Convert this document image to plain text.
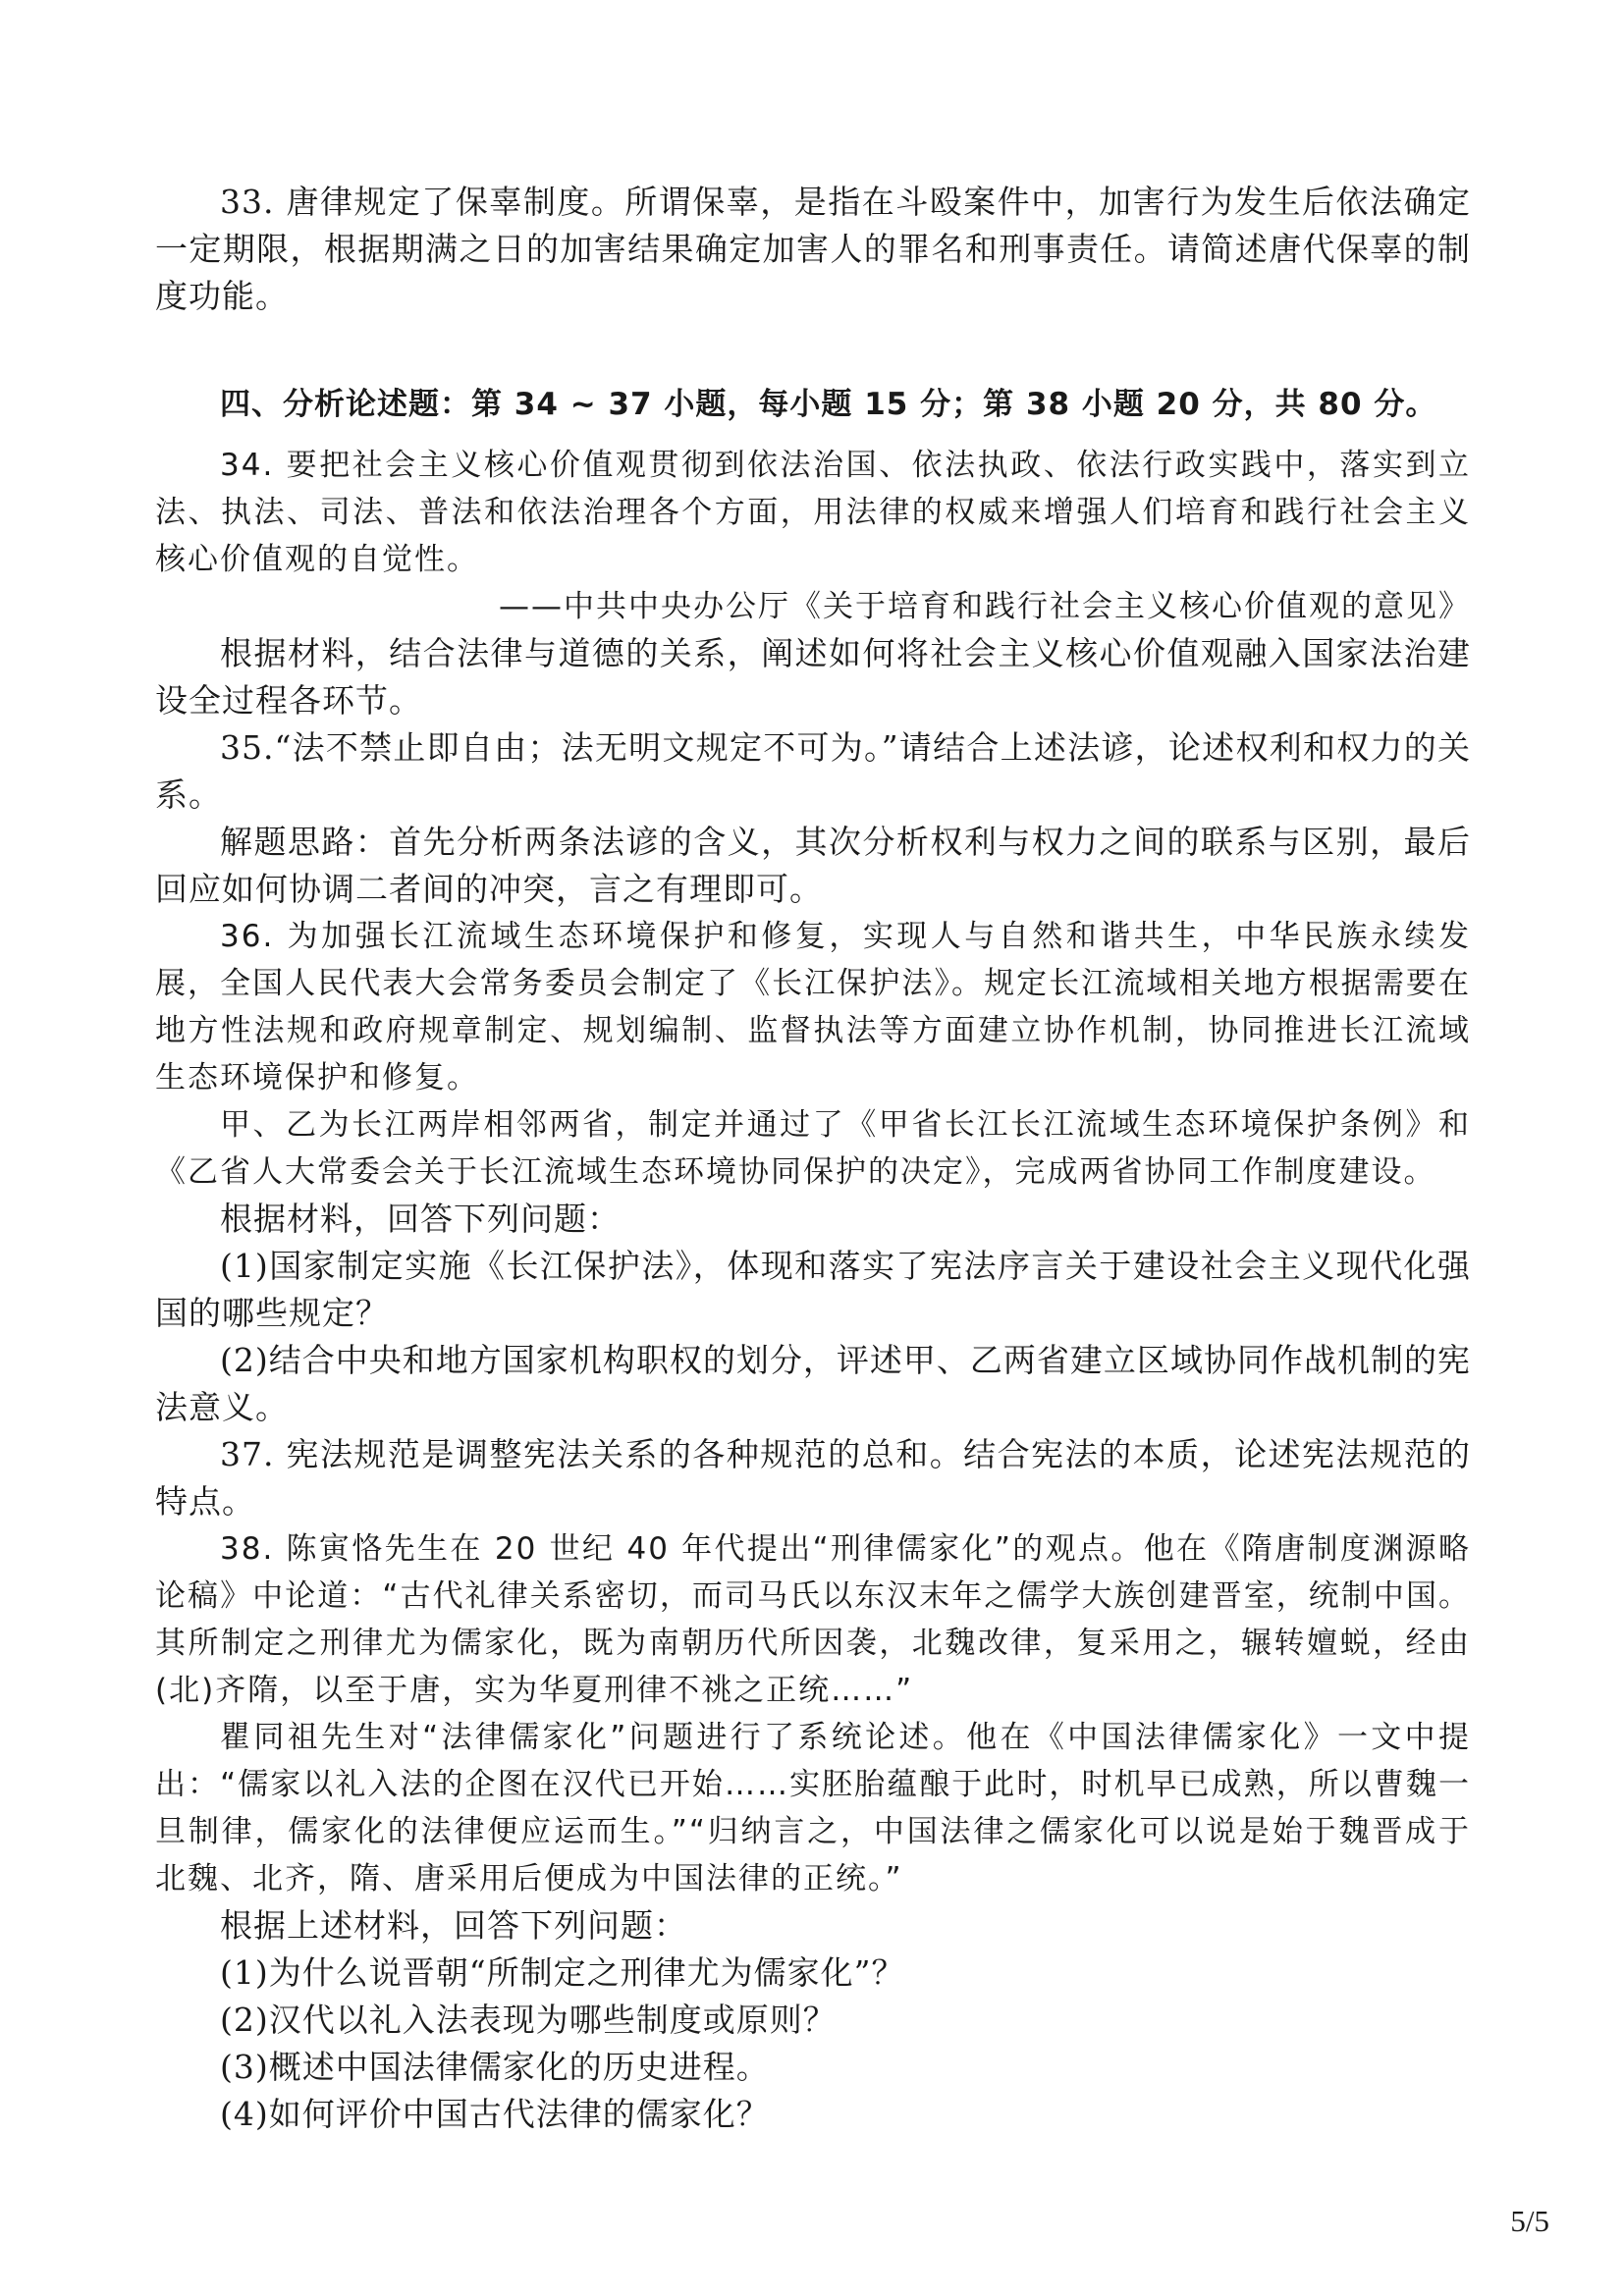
33. 唐律规定了保辜制度。所谓保辜，是指在斗殴案件中，加害行为发生后依法确定一定期限，根据期满之日的加害结果确定加害人的罪名和刑事责任。请简述唐代保辜的制度功能。

四、分析论述题：第 34 ~ 37 小题，每小题 15 分；第 38 小题 20 分，共 80 分。

34. 要把社会主义核心价值观贯彻到依法治国、依法执政、依法行政实践中，落实到立法、执法、司法、普法和依法治理各个方面，用法律的权威来增强人们培育和践行社会主义核心价值观的自觉性。

——中共中央办公厅《关于培育和践行社会主义核心价值观的意见》

根据材料，结合法律与道德的关系，阐述如何将社会主义核心价值观融入国家法治建设全过程各环节。

35.“法不禁止即自由；法无明文规定不可为。”请结合上述法谚，论述权利和权力的关系。

解题思路：首先分析两条法谚的含义，其次分析权利与权力之间的联系与区别，最后回应如何协调二者间的冲突，言之有理即可。

36. 为加强长江流域生态环境保护和修复，实现人与自然和谐共生，中华民族永续发展，全国人民代表大会常务委员会制定了《长江保护法》。规定长江流域相关地方根据需要在地方性法规和政府规章制定、规划编制、监督执法等方面建立协作机制，协同推进长江流域生态环境保护和修复。

甲、乙为长江两岸相邻两省，制定并通过了《甲省长江长江流域生态环境保护条例》和《乙省人大常委会关于长江流域生态环境协同保护的决定》，完成两省协同工作制度建设。

根据材料，回答下列问题：

(1)国家制定实施《长江保护法》，体现和落实了宪法序言关于建设社会主义现代化强国的哪些规定？

(2)结合中央和地方国家机构职权的划分，评述甲、乙两省建立区域协同作战机制的宪法意义。

37. 宪法规范是调整宪法关系的各种规范的总和。结合宪法的本质，论述宪法规范的特点。

38. 陈寅恪先生在 20 世纪 40 年代提出“刑律儒家化”的观点。他在《隋唐制度渊源略论稿》中论道：“古代礼律关系密切，而司马氏以东汉末年之儒学大族创建晋室，统制中国。其所制定之刑律尤为儒家化，既为南朝历代所因袭，北魏改律，复采用之，辗转嬗蜕，经由(北)齐隋，以至于唐，实为华夏刑律不祧之正统……”

瞿同祖先生对“法律儒家化”问题进行了系统论述。他在《中国法律儒家化》一文中提出：“儒家以礼入法的企图在汉代已开始……实胚胎蕴酿于此时，时机早已成熟，所以曹魏一旦制律，儒家化的法律便应运而生。”“归纳言之，中国法律之儒家化可以说是始于魏晋成于北魏、北齐，隋、唐采用后便成为中国法律的正统。”

根据上述材料，回答下列问题：

(1)为什么说晋朝“所制定之刑律尤为儒家化”？

(2)汉代以礼入法表现为哪些制度或原则？

(3)概述中国法律儒家化的历史进程。

(4)如何评价中国古代法律的儒家化？

5/5
